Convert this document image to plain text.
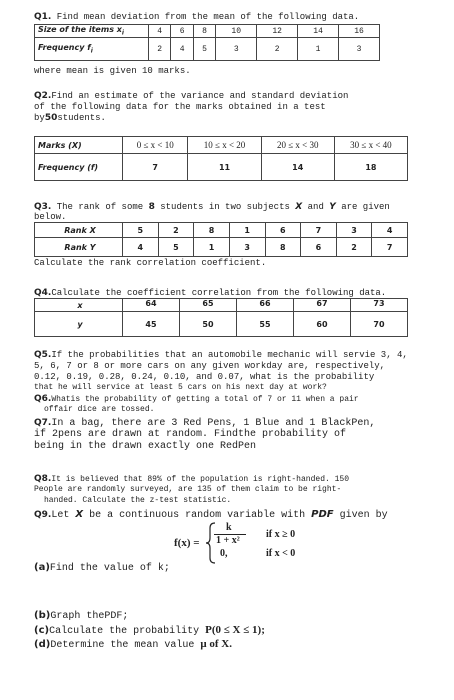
Q1. Find mean deviation from the mean of the following data.
Size of the items $x_i$	4	6	8	10	12	14	16
Frequency $f_i$	2	4	5	3	2	1	3
where mean is given 10 marks.
Q2.Find an estimate of the variance and standard deviation
of the following data for the marks obtained in a test
by50students.
Marks (X)	0 ≤ x < 10	10 ≤ x < 20	20 ≤ x < 30	30 ≤ x < 40
Frequency (f)	7	11	14	18
Q3. The rank of some 8 students in two subjects X and Y are given
below.
Rank X	5	2	8	1	6	7	3	4
Rank Y	4	5	1	3	8	6	2	7
Calculate the rank correlation coefficient.
Q4.Calculate the coefficient correlation from the following data.
x	64	65	66	67	73
y	45	50	55	60	70
Q5.If the probabilities that an automobile mechanic will servie 3, 4,
5, 6, 7 or 8 or more cars on any given workday are, respectively,
0.12, 0.19, 0.28, 0.24, 0.10, and 0.07, what is the probability
that he will service at least 5 cars on his next day at work?
Q6.Whatis the probability of getting a total of 7 or 11 when a pair
offair dice are tossed.
Q7.In a bag, there are 3 Red Pens, 1 Blue and 1 BlackPen,
if 2pens are drawn at random. Findthe probability of
being in the drawn exactly one RedPen
Q8.It is believed that 89% of the population is right-handed. 150
People are randomly surveyed, are 135 of them claim to be right-
handed. Calculate the z-test statistic.
Q9.Let X be a continuous random variable with PDF given by
f(x) =
k
1 + x²
0,
if x ≥ 0
if x < 0
(a)Find the value of k;
(b)Graph thePDF;
(c)Calculate the probability P(0 ≤ X ≤ 1);
(d)Determine the mean value μ of X.
